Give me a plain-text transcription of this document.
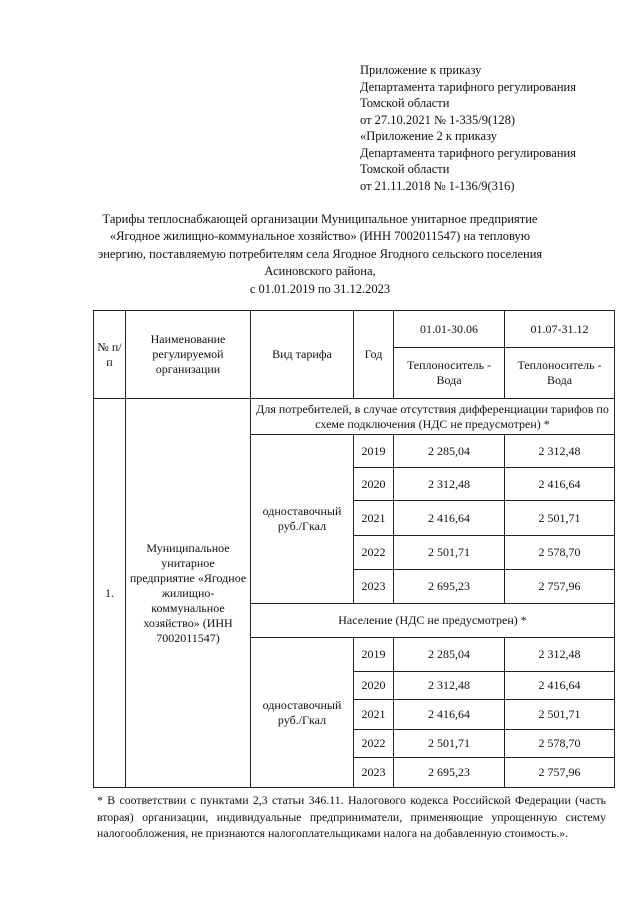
Приложение к приказу
Департамента тарифного регулирования
Томской области
от 27.10.2021 № 1-335/9(128)
«Приложение 2 к приказу
Департамента тарифного регулирования
Томской области
от 21.11.2018 № 1-136/9(316)
Тарифы теплоснабжающей организации Муниципальное унитарное предприятие
«Ягодное жилищно-коммунальное хозяйство» (ИНН 7002011547) на тепловую
энергию, поставляемую потребителям села Ягодное Ягодного сельского поселения
Асиновского района,
с 01.01.2019 по 31.12.2023
№ п/п	Наименование регулируемой организации	Вид тарифа	Год	01.01-30.06	01.07-31.12
				Теплоноситель - Вода	Теплоноситель - Вода
1.	Муниципальное унитарное предприятие «Ягодное жилищно-коммунальное хозяйство» (ИНН 7002011547)	Для потребителей, в случае отсутствия дифференциации тарифов по схеме подключения (НДС не предусмотрен) *			
		одноставочный руб./Гкал	2019	2 285,04	2 312,48
			2020	2 312,48	2 416,64
			2021	2 416,64	2 501,71
			2022	2 501,71	2 578,70
			2023	2 695,23	2 757,96
		Население (НДС не предусмотрен) *			
		одноставочный руб./Гкал	2019	2 285,04	2 312,48
			2020	2 312,48	2 416,64
			2021	2 416,64	2 501,71
			2022	2 501,71	2 578,70
			2023	2 695,23	2 757,96
* В соответствии с пунктами 2,3 статьи 346.11. Налогового кодекса Российской Федерации (часть вторая) организации, индивидуальные предприниматели, применяющие упрощенную систему налогообложения, не признаются налогоплательщиками налога на добавленную стоимость.».
